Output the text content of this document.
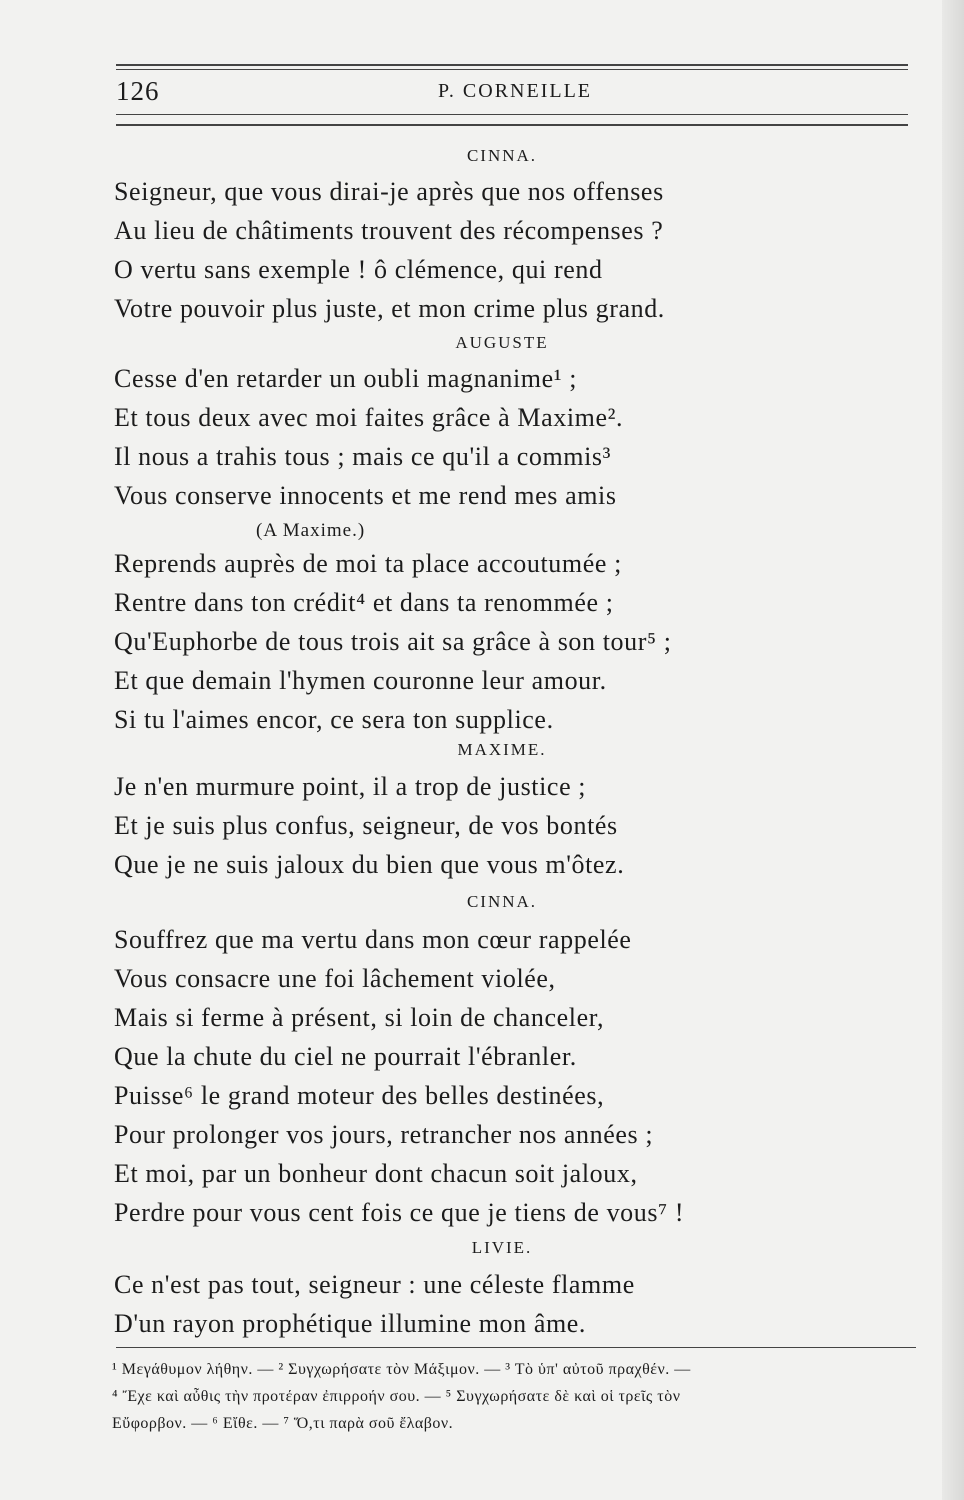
126	P. CORNEILLE
CINNA.
Seigneur, que vous dirai-je après que nos offenses
Au lieu de châtiments trouvent des récompenses ?
O vertu sans exemple ! ô clémence, qui rend
Votre pouvoir plus juste, et mon crime plus grand.
AUGUSTE
Cesse d'en retarder un oubli magnanime¹ ;
Et tous deux avec moi faites grâce à Maxime².
Il nous a trahis tous ; mais ce qu'il a commis³
Vous conserve innocents et me rend mes amis
(A Maxime.)
Reprends auprès de moi ta place accoutumée ;
Rentre dans ton crédit⁴ et dans ta renommée ;
Qu'Euphorbe de tous trois ait sa grâce à son tour⁵ ;
Et que demain l'hymen couronne leur amour.
Si tu l'aimes encor, ce sera ton supplice.
MAXIME.
Je n'en murmure point, il a trop de justice ;
Et je suis plus confus, seigneur, de vos bontés
Que je ne suis jaloux du bien que vous m'ôtez.
CINNA.
Souffrez que ma vertu dans mon cœur rappelée
Vous consacre une foi lâchement violée,
Mais si ferme à présent, si loin de chanceler,
Que la chute du ciel ne pourrait l'ébranler.
Puisse⁶ le grand moteur des belles destinées,
Pour prolonger vos jours, retrancher nos années ;
Et moi, par un bonheur dont chacun soit jaloux,
Perdre pour vous cent fois ce que je tiens de vous⁷ !
LIVIE.
Ce n'est pas tout, seigneur : une céleste flamme
D'un rayon prophétique illumine mon âme.
¹ Μεγάθυμον λήθην. — ² Συγχωρήσατε τὸν Μάξιμον. — ³ Τὸ ὑπ' αὐτοῦ πραχθέν. —
⁴ Ἔχε καὶ αὖθις τὴν προτέραν ἐπιρροήν σου. — ⁵ Συγχωρήσατε δὲ καὶ οἱ τρεῖς τὸν
Εὔφορβον. — ⁶ Εἴθε. — ⁷ Ὅ,τι παρὰ σοῦ ἔλαβον.
